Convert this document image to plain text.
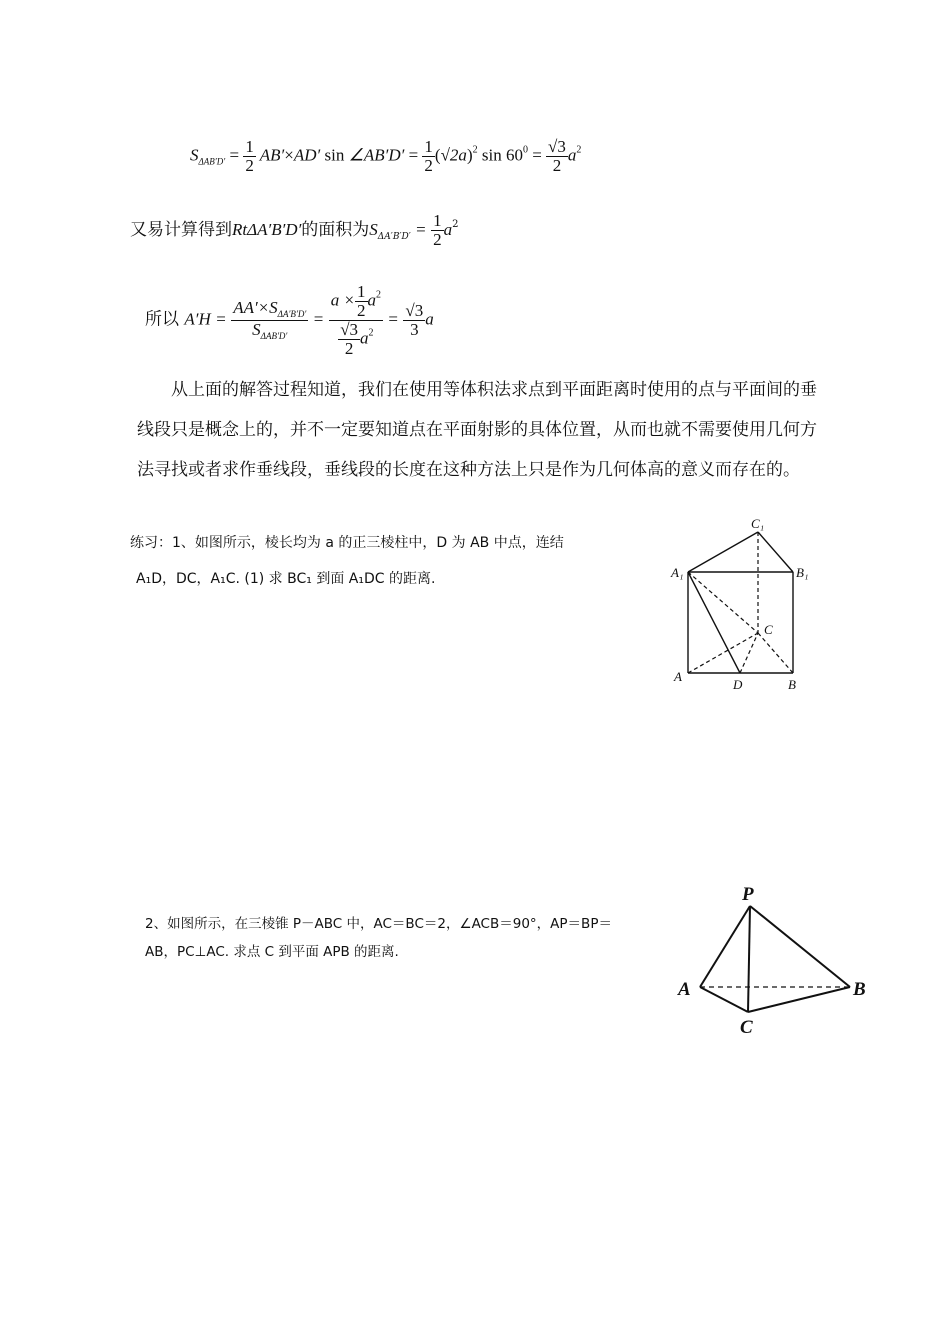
$S_{\Delta AB'D'} = \frac{1}{2} AB'\times AD'$ sin ∠AB′D′ = $\frac{1}{2} (√2a)^2$ $\sin 60^0 = \frac{√3}{2} a^2$
又易计算得到RtΔA′B′D′的面积为$S_{\Delta A'B'D'} = \frac{1}{2} a^2$
所以 $A'H = \frac{AA'\times S_{\Delta A'B'D'}}{S_{\Delta AB'D'}} = \frac{a \times \frac{1}{2} a^2}{\frac{√3}{2} a^2} = \frac{√3}{3}$ a
从上面的解答过程知道，我们在使用等体积法求点到平面距离时使用的点与平面间的垂线段只是概念上的，并不一定要知道点在平面射影的具体位置，从而也就不需要使用几何方法寻找或者求作垂线段，垂线段的长度在这种方法上只是作为几何体高的意义而存在的。
练习：1、如图所示，棱长均为 a 的正三棱柱中，D 为 AB 中点，连结
A₁D，DC，A₁C. (1) 求 BC₁ 到面 A₁DC 的距离.
C₁
A₁	B₁
C
A
D	B
2、如图所示，在三棱锥 P－ABC 中，AC＝BC＝2，∠ACB＝90°，AP＝BP＝
AB，PC⊥AC. 求点 C 到平面 APB 的距离.
P
A	B
C
